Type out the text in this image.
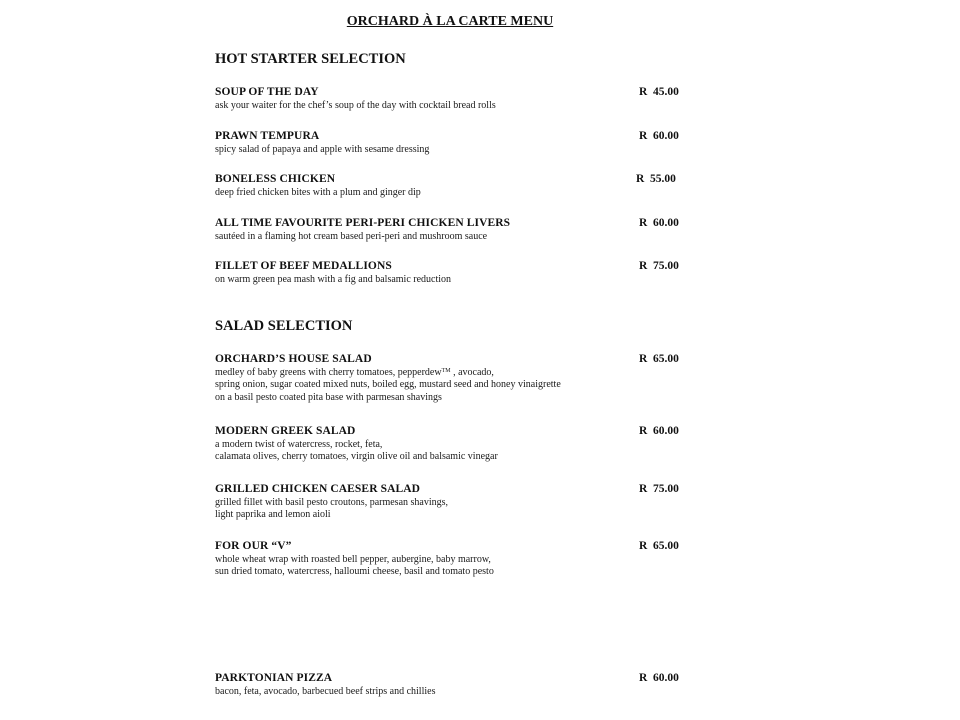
ORCHARD À LA CARTE MENU
HOT STARTER SELECTION
SOUP OF THE DAY	R  45.00
ask your waiter for the chef’s soup of the day with cocktail bread rolls
PRAWN TEMPURA	R  60.00
spicy salad of papaya and apple with sesame dressing
BONELESS CHICKEN	R  55.00
deep fried chicken bites with a plum and ginger dip
ALL TIME FAVOURITE PERI-PERI CHICKEN LIVERS	R  60.00
sautéed in a flaming hot cream based peri-peri and mushroom sauce
FILLET OF BEEF MEDALLIONS	R  75.00
on warm green pea mash with a fig and balsamic reduction
SALAD SELECTION
ORCHARD’S HOUSE SALAD	R  65.00
medley of baby greens with cherry tomatoes, pepperdew™ , avocado,
spring onion, sugar coated mixed nuts, boiled egg, mustard seed and honey vinaigrette
on a basil pesto coated pita base with parmesan shavings
MODERN GREEK SALAD	R  60.00
a modern twist of watercress, rocket, feta,
calamata olives, cherry tomatoes, virgin olive oil and balsamic vinegar
GRILLED CHICKEN CAESER SALAD	R  75.00
grilled fillet with basil pesto croutons, parmesan shavings,
light paprika and lemon aioli
FOR OUR “V”	R  65.00
whole wheat wrap with roasted bell pepper, aubergine, baby marrow,
sun dried tomato, watercress, halloumi cheese, basil and tomato pesto
PARKTONIAN PIZZA	R  60.00
bacon, feta, avocado, barbecued beef strips and chillies
